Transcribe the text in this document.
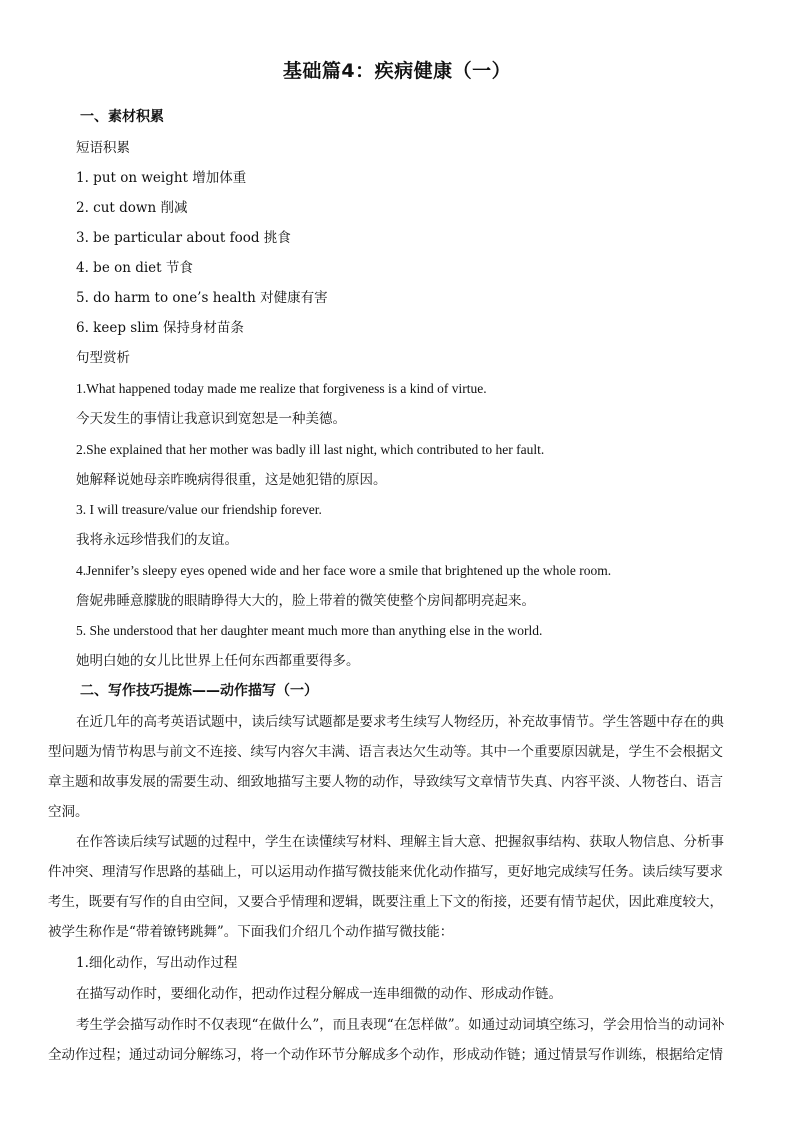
基础篇4：疾病健康（一）
一、素材积累
短语积累
1. put on weight 增加体重
2. cut down 削减
3. be particular about food 挑食
4. be on diet 节食
5. do harm to one’s health 对健康有害
6. keep slim 保持身材苗条
句型赏析
1.What happened today made me realize that forgiveness is a kind of virtue.
今天发生的事情让我意识到宽恕是一种美德。
2.She explained that her mother was badly ill last night, which contributed to her fault.
她解释说她母亲昨晚病得很重，这是她犯错的原因。
3. I will treasure/value our friendship forever.
我将永远珍惜我们的友谊。
4.Jennifer’s sleepy eyes opened wide and her face wore a smile that brightened up the whole room.
詹妮弗睡意朦胧的眼睛睁得大大的，脸上带着的微笑使整个房间都明亮起来。
5. She understood that her daughter meant much more than anything else in the world.
她明白她的女儿比世界上任何东西都重要得多。
二、写作技巧提炼——动作描写（一）
在近几年的高考英语试题中，读后续写试题都是要求考生续写人物经历，补充故事情节。学生答题中存在的典
型问题为情节构思与前文不连接、续写内容欠丰满、语言表达欠生动等。其中一个重要原因就是，学生不会根据文
章主题和故事发展的需要生动、细致地描写主要人物的动作，导致续写文章情节失真、内容平淡、人物苍白、语言
空洞。
在作答读后续写试题的过程中，学生在读懂续写材料、理解主旨大意、把握叙事结构、获取人物信息、分析事
件冲突、理清写作思路的基础上，可以运用动作描写微技能来优化动作描写，更好地完成续写任务。读后续写要求
考生，既要有写作的自由空间，又要合乎情理和逻辑，既要注重上下文的衔接，还要有情节起伏，因此难度较大，
被学生称作是“带着镣铐跳舞”。下面我们介绍几个动作描写微技能：
1.细化动作，写出动作过程
在描写动作时，要细化动作，把动作过程分解成一连串细微的动作、形成动作链。
考生学会描写动作时不仅表现“在做什么”，而且表现“在怎样做”。如通过动词填空练习，学会用恰当的动词补
全动作过程；通过动词分解练习，将一个动作环节分解成多个动作，形成动作链；通过情景写作训练，根据给定情
